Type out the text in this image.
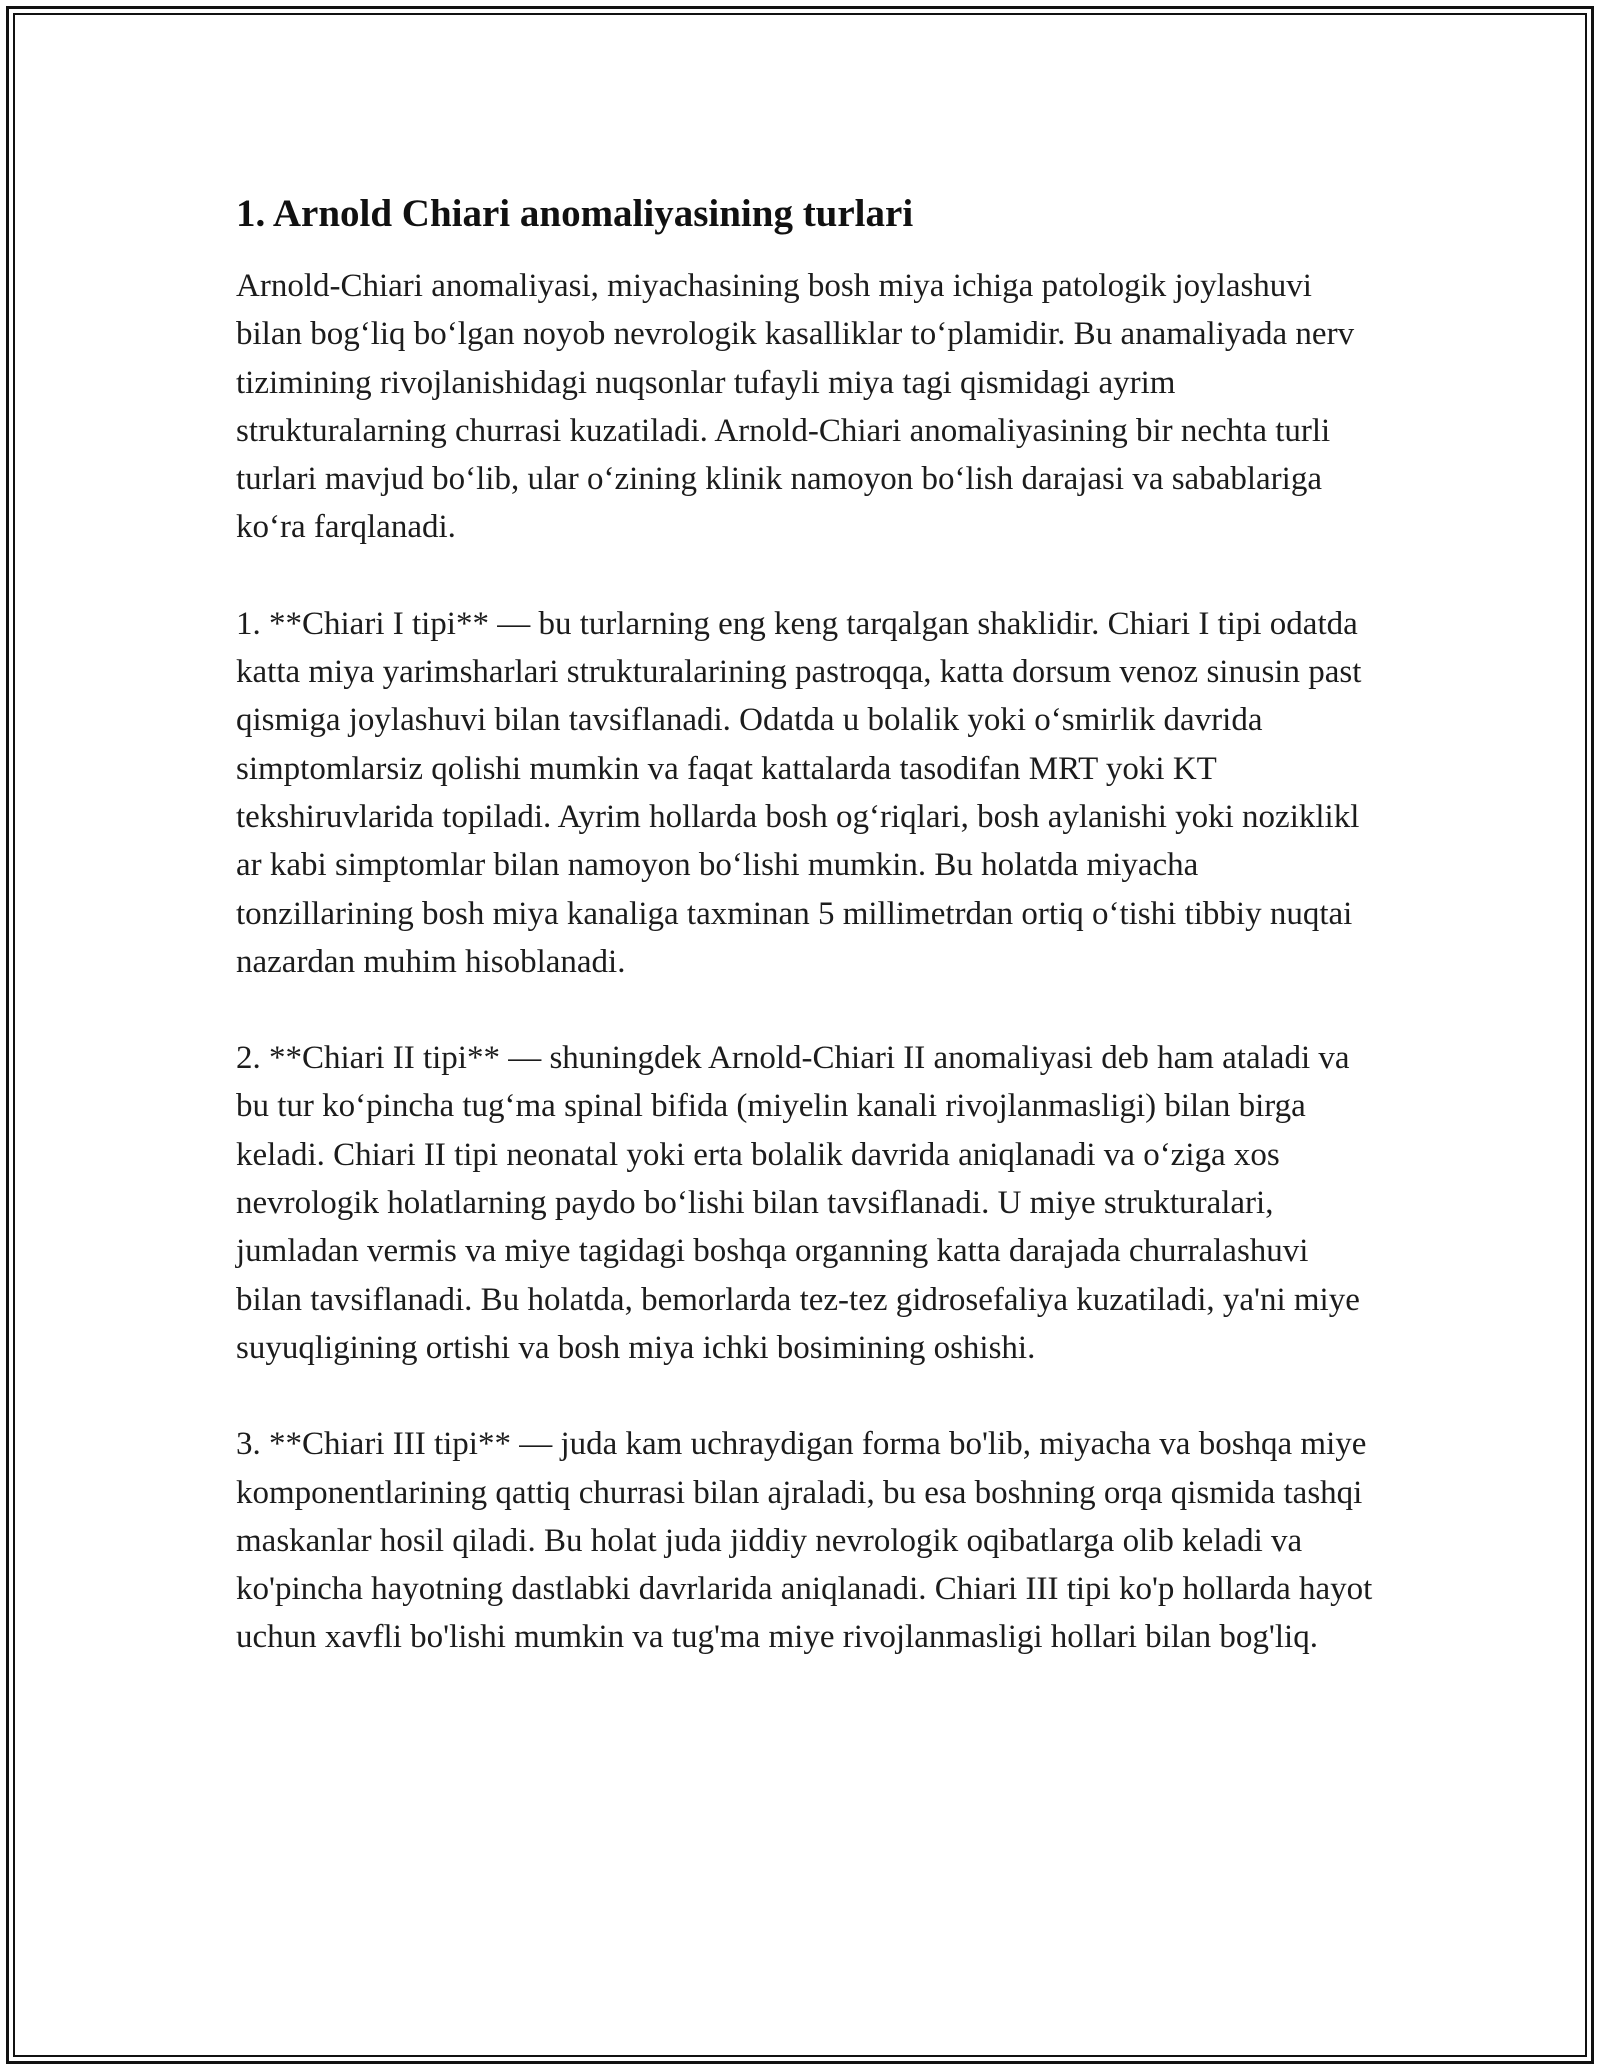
1. Arnold Chiari anomaliyasining turlari

Arnold-Chiari anomaliyasi, miyachasining bosh miya ichiga patologik joylashuvi bilan bog‘liq bo‘lgan noyob nevrologik kasalliklar to‘plamidir. Bu anamaliyada nerv tizimining rivojlanishidagi nuqsonlar tufayli miya tagi qismidagi ayrim strukturalarning churrasi kuzatiladi. Arnold-Chiari anomaliyasining bir nechta turli turlari mavjud bo‘lib, ular o‘zining klinik namoyon bo‘lish darajasi va sabablariga ko‘ra farqlanadi.

1. **Chiari I tipi** — bu turlarning eng keng tarqalgan shaklidir. Chiari I tipi odatda katta miya yarimsharlari strukturalarining pastroqqa, katta dorsum venoz sinusin past qismiga joylashuvi bilan tavsiflanadi. Odatda u bolalik yoki o‘smirlik davrida simptomlarsiz qolishi mumkin va faqat kattalarda tasodifan MRT yoki KT tekshiruvlarida topiladi. Ayrim hollarda bosh og‘riqlari, bosh aylanishi yoki noziklikl ar kabi simptomlar bilan namoyon bo‘lishi mumkin. Bu holatda miyacha tonzillarining bosh miya kanaliga taxminan 5 millimetrdan ortiq o‘tishi tibbiy nuqtai nazardan muhim hisoblanadi.

2. **Chiari II tipi** — shuningdek Arnold-Chiari II anomaliyasi deb ham ataladi va bu tur ko‘pincha tug‘ma spinal bifida (miyelin kanali rivojlanmasligi) bilan birga keladi. Chiari II tipi neonatal yoki erta bolalik davrida aniqlanadi va o‘ziga xos nevrologik holatlarning paydo bo‘lishi bilan tavsiflanadi. U miye strukturalari, jumladan vermis va miye tagidagi boshqa organning katta darajada churralashuvi bilan tavsiflanadi. Bu holatda, bemorlarda tez-tez gidrosefaliya kuzatiladi, ya'ni miye suyuqligining ortishi va bosh miya ichki bosimining oshishi.

3. **Chiari III tipi** — juda kam uchraydigan forma bo'lib, miyacha va boshqa miye komponentlarining qattiq churrasi bilan ajraladi, bu esa boshning orqa qismida tashqi maskanlar hosil qiladi. Bu holat juda jiddiy nevrologik oqibatlarga olib keladi va ko'pincha hayotning dastlabki davrlarida aniqlanadi. Chiari III tipi ko'p hollarda hayot uchun xavfli bo'lishi mumkin va tug'ma miye rivojlanmasligi hollari bilan bog'liq.
